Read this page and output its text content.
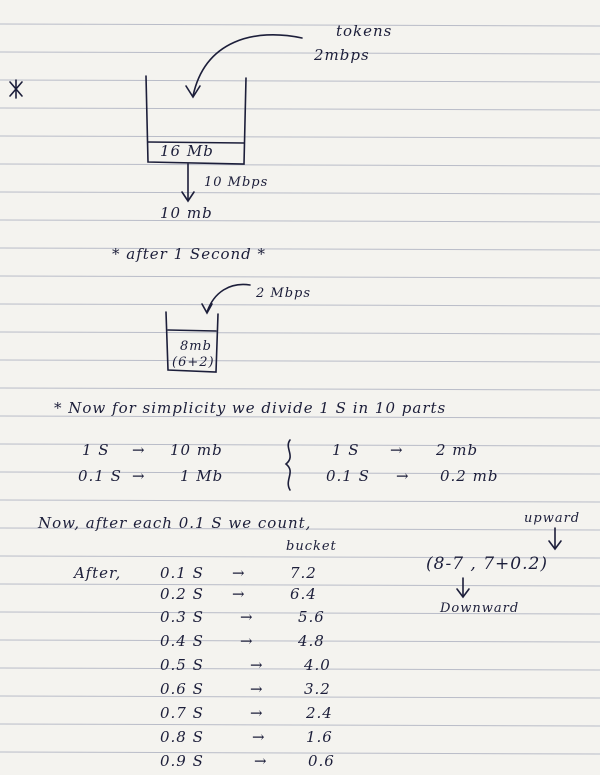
tokens
2mbps
16 Mb
10 Mbps
10 mb
* after 1 Second *
2 Mbps
8mb
(6+2)
* Now for simplicity we divide 1 S in 10 parts
1 S → 10 mb
0.1 S → 1 Mb
1 S → 2 mb
0.1 S → 0.2 mb
Now, after each 0.1 S we count,
bucket
upward
(8-7 , 7+0.2)
Downward
After,	0.1 S →	7.2
0.2 S →	6.4
0.3 S →	5.6
0.4 S →	4.8
0.5 S	→	4.0
0.6 S	→	3.2
0.7 S	→	2.4
0.8 S	→	1.6
0.9 S	→	0.6
